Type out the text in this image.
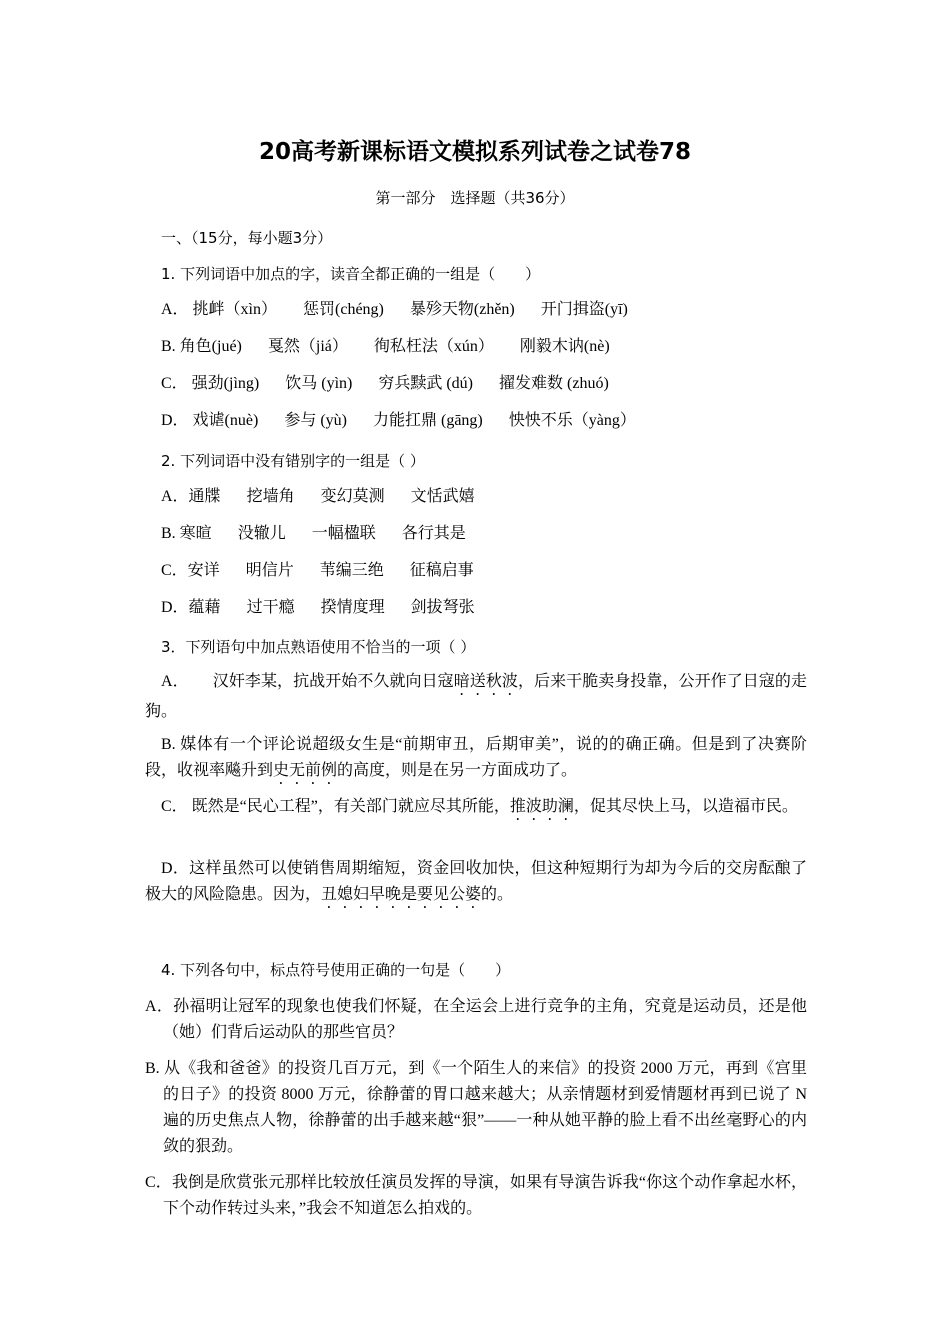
20高考新课标语文模拟系列试卷之试卷78
第一部分　选择题（共36分）
一、（15分，每小题3分）
1. 下列词语中加点的字，读音全都正确的一组是（　　）
A． 挑衅（xìn） 惩罚(chéng) 暴殄天物(zhěn) 开门揖盗(yī)
B. 角色(jué) 戛然（jiá） 徇私枉法（xún） 刚毅木讷(nè)
C． 强劲(jìng) 饮马 (yìn) 穷兵黩武 (dú) 擢发难数 (zhuó)
D． 戏谑(nuè) 参与 (yù) 力能扛鼎 (gāng) 怏怏不乐（yàng）
2. 下列词语中没有错别字的一组是（ ）
A．通牒 挖墙角 变幻莫测 文恬武嬉
B. 寒暄 没辙儿 一幅楹联 各行其是
C．安详 明信片 苇编三绝 征稿启事
D．蕴藉 过干瘾 揆情度理 剑拔弩张
3．下列语句中加点熟语使用不恰当的一项（ ）
A．　　汉奸李某，抗战开始不久就向日寇暗送秋波，后来干脆卖身投靠，公开作了日寇的走狗。
B. 媒体有一个评论说超级女生是“前期审丑，后期审美”，说的的确正确。但是到了决赛阶段，收视率飚升到史无前例的高度，则是在另一方面成功了。
C． 既然是“民心工程”，有关部门就应尽其所能，推波助澜，促其尽快上马，以造福市民。
D．这样虽然可以使销售周期缩短，资金回收加快，但这种短期行为却为今后的交房酝酿了极大的风险隐患。因为，丑媳妇早晚是要见公婆的。
4. 下列各句中，标点符号使用正确的一句是（　　）
A．孙福明让冠军的现象也使我们怀疑，在全运会上进行竞争的主角，究竟是运动员，还是他（她）们背后运动队的那些官员？
B. 从《我和爸爸》的投资几百万元，到《一个陌生人的来信》的投资 2000 万元，再到《宫里的日子》的投资 8000 万元，徐静蕾的胃口越来越大；从亲情题材到爱情题材再到已说了 N 遍的历史焦点人物，徐静蕾的出手越来越“狠”——一种从她平静的脸上看不出丝毫野心的内敛的狠劲。
C．我倒是欣赏张元那样比较放任演员发挥的导演，如果有导演告诉我“你这个动作拿起水杯，下个动作转过头来，”我会不知道怎么拍戏的。
